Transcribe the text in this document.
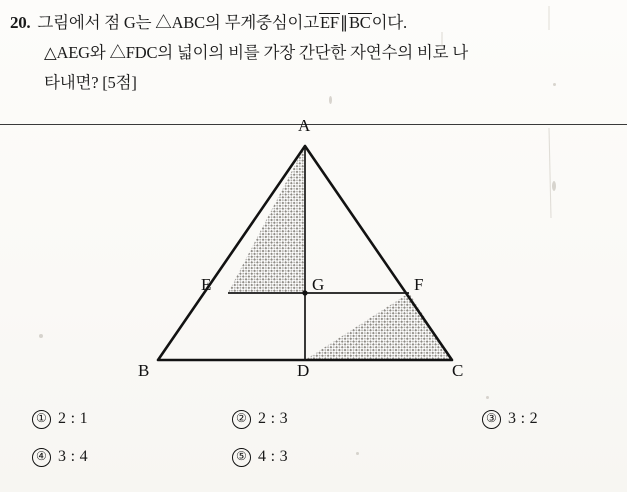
20. 그림에서 점 G는 △ABC의 무게중심이고 EF ∥ BC 이다.
△AEG와 △FDC의 넓이의 비를 가장 간단한 자연수의 비로 나
타내면? [5점]
A
B	C
D
E	F
G
① 2 : 1	② 2 : 3	③ 3 : 2
④ 3 : 4	⑤ 4 : 3
